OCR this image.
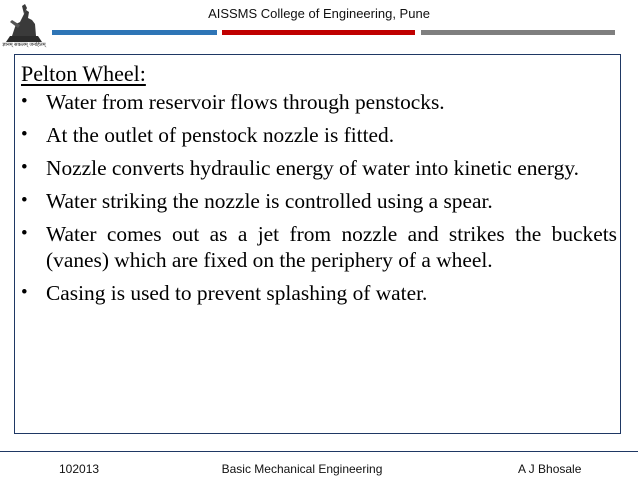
ज्ञानम् सकलम् जनहितम्
AISSMS College of Engineering, Pune
Pelton Wheel:
• Water from reservoir flows through penstocks.
• At the outlet of penstock nozzle is fitted.
• Nozzle converts hydraulic energy of water into kinetic energy.
• Water striking the nozzle is controlled using a spear.
• Water comes out as a jet from nozzle and strikes the buckets (vanes) which are fixed on the periphery of a wheel.
• Casing is used to prevent splashing of water.
102013	Basic Mechanical Engineering	A J Bhosale
